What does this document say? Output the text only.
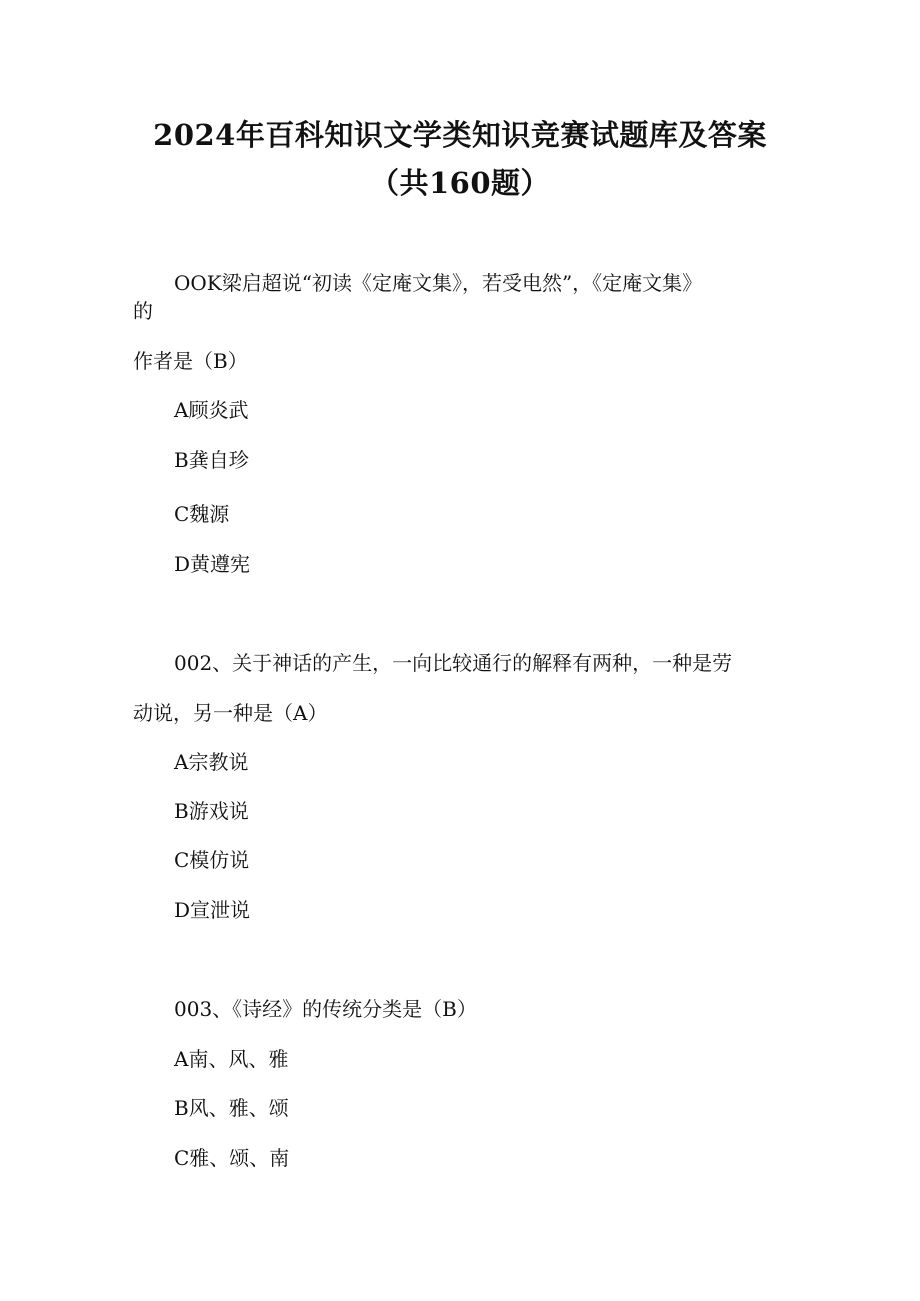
2024年百科知识文学类知识竞赛试题库及答案
（共160题）
OOK梁启超说“初读《定庵文集》，若受电然”，《定庵文集》
的
作者是（B）
A顾炎武
B龚自珍
C魏源
D黄遵宪
002、关于神话的产生，一向比较通行的解释有两种，一种是劳
动说，另一种是（A）
A宗教说
B游戏说
C模仿说
D宣泄说
003、《诗经》的传统分类是（B）
A南、风、雅
B风、雅、颂
C雅、颂、南
